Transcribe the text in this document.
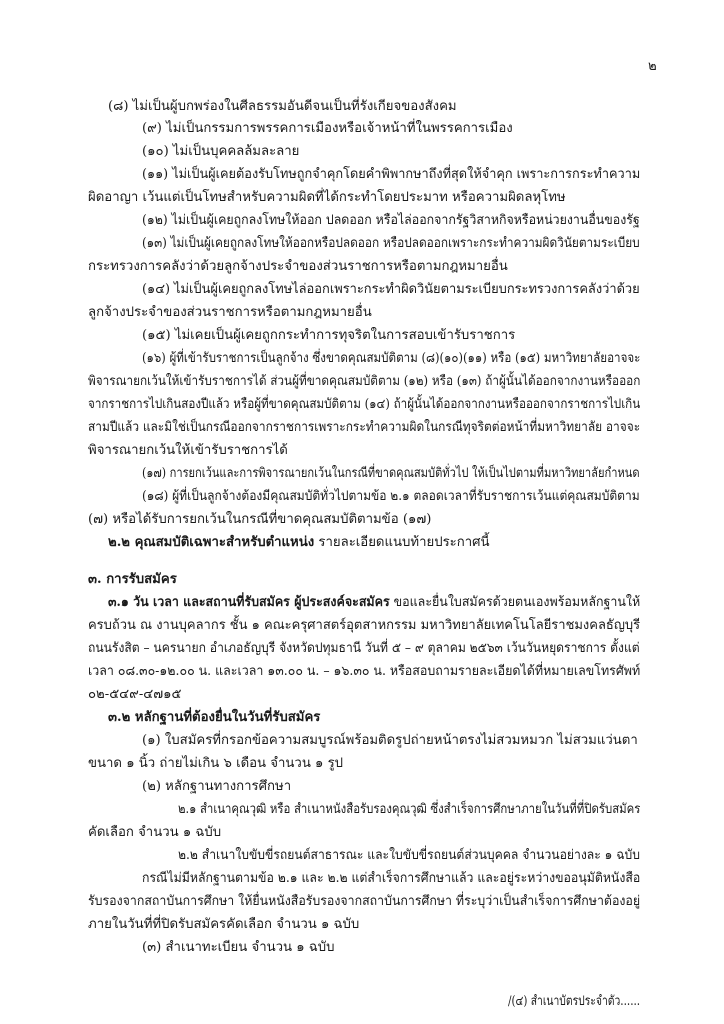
๒
(๘) ไม่เป็นผู้บกพร่องในศีลธรรมอันดีจนเป็นที่รังเกียจของสังคม
(๙) ไม่เป็นกรรมการพรรคการเมืองหรือเจ้าหน้าที่ในพรรคการเมือง
(๑๐) ไม่เป็นบุคคลล้มละลาย
(๑๑) ไม่เป็นผู้เคยต้องรับโทษถูกจำคุกโดยคำพิพากษาถึงที่สุดให้จำคุก เพราะการกระทำความ
ผิดอาญา เว้นแต่เป็นโทษสำหรับความผิดที่ได้กระทำโดยประมาท หรือความผิดลหุโทษ
(๑๒) ไม่เป็นผู้เคยถูกลงโทษให้ออก ปลดออก หรือไล่ออกจากรัฐวิสาหกิจหรือหน่วยงานอื่นของรัฐ
(๑๓) ไม่เป็นผู้เคยถูกลงโทษให้ออกหรือปลดออก หรือปลดออกเพราะกระทำความผิดวินัยตามระเบียบ
กระทรวงการคลังว่าด้วยลูกจ้างประจำของส่วนราชการหรือตามกฎหมายอื่น
(๑๔) ไม่เป็นผู้เคยถูกลงโทษไล่ออกเพราะกระทำผิดวินัยตามระเบียบกระทรวงการคลังว่าด้วย
ลูกจ้างประจำของส่วนราชการหรือตามกฎหมายอื่น
(๑๕) ไม่เคยเป็นผู้เคยถูกกระทำการทุจริตในการสอบเข้ารับราชการ
(๑๖) ผู้ที่เข้ารับราชการเป็นลูกจ้าง ซึ่งขาดคุณสมบัติตาม (๘)(๑๐)(๑๑) หรือ (๑๕) มหาวิทยาลัยอาจจะ
พิจารณายกเว้นให้เข้ารับราชการได้ ส่วนผู้ที่ขาดคุณสมบัติตาม (๑๒) หรือ (๑๓) ถ้าผู้นั้นได้ออกจากงานหรือออก
จากราชการไปเกินสองปีแล้ว หรือผู้ที่ขาดคุณสมบัติตาม (๑๔) ถ้าผู้นั้นได้ออกจากงานหรือออกจากราชการไปเกิน
สามปีแล้ว และมิใช่เป็นกรณีออกจากราชการเพราะกระทำความผิดในกรณีทุจริตต่อหน้าที่มหาวิทยาลัย อาจจะ
พิจารณายกเว้นให้เข้ารับราชการได้
(๑๗) การยกเว้นและการพิจารณายกเว้นในกรณีที่ขาดคุณสมบัติทั่วไป ให้เป็นไปตามที่มหาวิทยาลัยกำหนด
(๑๘) ผู้ที่เป็นลูกจ้างต้องมีคุณสมบัติทั่วไปตามข้อ ๒.๑ ตลอดเวลาที่รับราชการเว้นแต่คุณสมบัติตาม
(๗) หรือได้รับการยกเว้นในกรณีที่ขาดคุณสมบัติตามข้อ (๑๗)
๒.๒ คุณสมบัติเฉพาะสำหรับตำแหน่ง รายละเอียดแนบท้ายประกาศนี้
๓. การรับสมัคร
๓.๑ วัน เวลา และสถานที่รับสมัคร ผู้ประสงค์จะสมัคร ขอและยื่นใบสมัครด้วยตนเองพร้อมหลักฐานให้
ครบถ้วน ณ งานบุคลากร ชั้น ๑ คณะครุศาสตร์อุตสาหกรรม มหาวิทยาลัยเทคโนโลยีราชมงคลธัญบุรี
ถนนรังสิต – นครนายก อำเภอธัญบุรี จังหวัดปทุมธานี วันที่ ๕ – ๙ ตุลาคม ๒๕๖๓ เว้นวันหยุดราชการ ตั้งแต่
เวลา ๐๘.๓๐-๑๒.๐๐ น. และเวลา ๑๓.๐๐ น. – ๑๖.๓๐ น. หรือสอบถามรายละเอียดได้ที่หมายเลขโทรศัพท์
๐๒-๕๔๙-๔๗๑๕
๓.๒ หลักฐานที่ต้องยื่นในวันที่รับสมัคร
(๑) ใบสมัครที่กรอกข้อความสมบูรณ์พร้อมติดรูปถ่ายหน้าตรงไม่สวมหมวก ไม่สวมแว่นตา
ขนาด ๑ นิ้ว ถ่ายไม่เกิน ๖ เดือน จำนวน ๑ รูป
(๒) หลักฐานทางการศึกษา
๒.๑ สำเนาคุณวุฒิ หรือ สำเนาหนังสือรับรองคุณวุฒิ ซึ่งสำเร็จการศึกษาภายในวันที่ที่ปิดรับสมัคร
คัดเลือก จำนวน ๑ ฉบับ
๒.๒ สำเนาใบขับขี่รถยนต์สาธารณะ และใบขับขี่รถยนต์ส่วนบุคคล จำนวนอย่างละ ๑ ฉบับ
กรณีไม่มีหลักฐานตามข้อ ๒.๑ และ ๒.๒ แต่สำเร็จการศึกษาแล้ว และอยู่ระหว่างขออนุมัติหนังสือ
รับรองจากสถาบันการศึกษา ให้ยื่นหนังสือรับรองจากสถาบันการศึกษา ที่ระบุว่าเป็นสำเร็จการศึกษาต้องอยู่
ภายในวันที่ที่ปิดรับสมัครคัดเลือก จำนวน ๑ ฉบับ
(๓) สำเนาทะเบียน จำนวน ๑ ฉบับ
/(๔) สำเนาบัตรประจำตัว......
